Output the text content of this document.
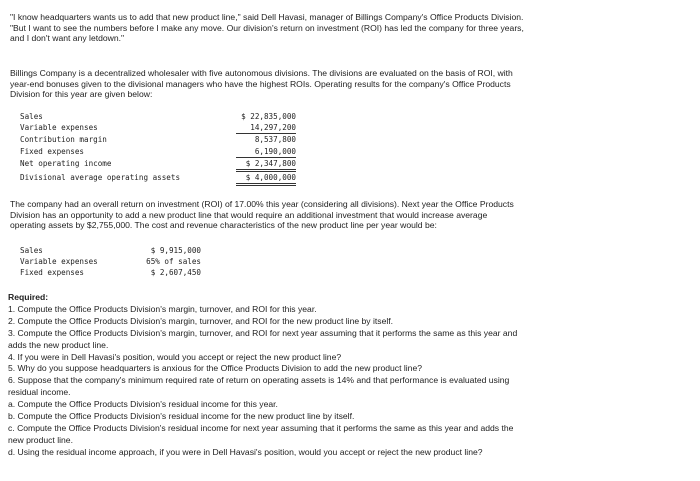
"I know headquarters wants us to add that new product line," said Dell Havasi, manager of Billings Company's Office Products Division.

"But I want to see the numbers before I make any move. Our division's return on investment (ROI) has led the company for three years,

and I don't want any letdown."

Billings Company is a decentralized wholesaler with five autonomous divisions. The divisions are evaluated on the basis of ROI, with

year-end bonuses given to the divisional managers who have the highest ROIs. Operating results for the company's Office Products

Division for this year are given below:

Sales	$ 22,835,000
Variable expenses	14,297,200
Contribution margin	8,537,800
Fixed expenses	6,190,000
Net operating income	$ 2,347,800
Divisional average operating assets	$ 4,000,000

The company had an overall return on investment (ROI) of 17.00% this year (considering all divisions). Next year the Office Products

Division has an opportunity to add a new product line that would require an additional investment that would increase average

operating assets by $2,755,000. The cost and revenue characteristics of the new product line per year would be:

Sales	$ 9,915,000
Variable expenses	65% of sales
Fixed expenses	$ 2,607,450

Required:

1. Compute the Office Products Division's margin, turnover, and ROI for this year.

2. Compute the Office Products Division's margin, turnover, and ROI for the new product line by itself.

3. Compute the Office Products Division's margin, turnover, and ROI for next year assuming that it performs the same as this year and

adds the new product line.

4. If you were in Dell Havasi's position, would you accept or reject the new product line?

5. Why do you suppose headquarters is anxious for the Office Products Division to add the new product line?

6. Suppose that the company's minimum required rate of return on operating assets is 14% and that performance is evaluated using

residual income.

a. Compute the Office Products Division's residual income for this year.

b. Compute the Office Products Division's residual income for the new product line by itself.

c. Compute the Office Products Division's residual income for next year assuming that it performs the same as this year and adds the

new product line.

d. Using the residual income approach, if you were in Dell Havasi's position, would you accept or reject the new product line?
